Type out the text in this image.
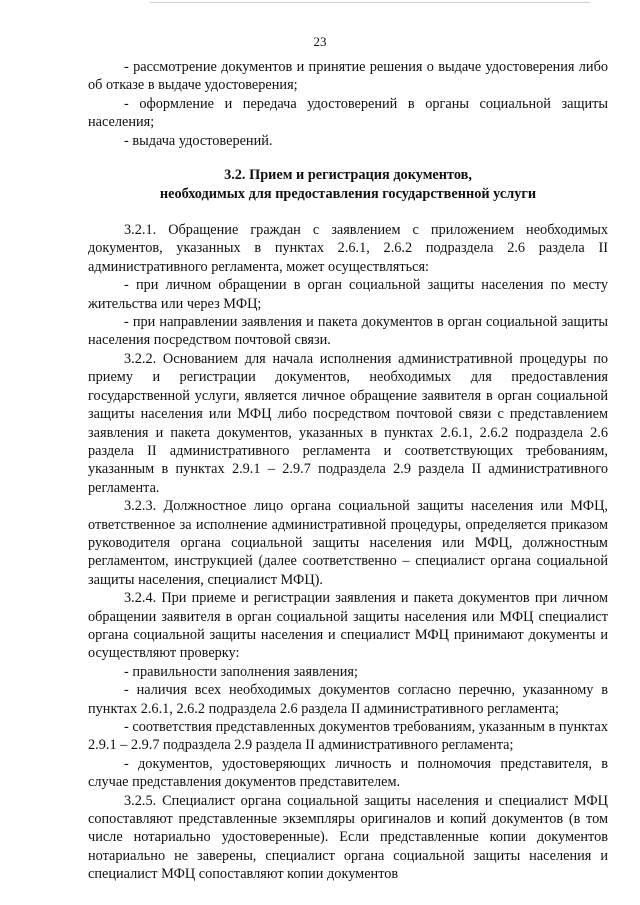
23

- рассмотрение документов и принятие решения о выдаче удостоверения либо об отказе в выдаче удостоверения;

- оформление и передача удостоверений в органы социальной защиты населения;

- выдача удостоверений.

3.2. Прием и регистрация документов,
необходимых для предоставления государственной услуги

3.2.1. Обращение граждан с заявлением с приложением необходимых документов, указанных в пунктах 2.6.1, 2.6.2 подраздела 2.6 раздела II административного регламента, может осуществляться:

- при личном обращении в орган социальной защиты населения по месту жительства или через МФЦ;

- при направлении заявления и пакета документов в орган социальной защиты населения посредством почтовой связи.

3.2.2. Основанием для начала исполнения административной процедуры по приему и регистрации документов, необходимых для предоставления государственной услуги, является личное обращение заявителя в орган социальной защиты населения или МФЦ либо посредством почтовой связи с представлением заявления и пакета документов, указанных в пунктах 2.6.1, 2.6.2 подраздела 2.6 раздела II административного регламента и соответствующих требованиям, указанным в пунктах 2.9.1 – 2.9.7 подраздела 2.9 раздела II административного регламента.

3.2.3. Должностное лицо органа социальной защиты населения или МФЦ, ответственное за исполнение административной процедуры, определяется приказом руководителя органа социальной защиты населения или МФЦ, должностным регламентом, инструкцией (далее соответственно – специалист органа социальной защиты населения, специалист МФЦ).

3.2.4. При приеме и регистрации заявления и пакета документов при личном обращении заявителя в орган социальной защиты населения или МФЦ специалист органа социальной защиты населения и специалист МФЦ принимают документы и осуществляют проверку:

- правильности заполнения заявления;

- наличия всех необходимых документов согласно перечню, указанному в пунктах 2.6.1, 2.6.2 подраздела 2.6 раздела II административного регламента;

- соответствия представленных документов требованиям, указанным в пунктах 2.9.1 – 2.9.7 подраздела 2.9 раздела II административного регламента;

- документов, удостоверяющих личность и полномочия представителя, в случае представления документов представителем.

3.2.5. Специалист органа социальной защиты населения и специалист МФЦ сопоставляют представленные экземпляры оригиналов и копий документов (в том числе нотариально удостоверенные). Если представленные копии документов нотариально не заверены, специалист органа социальной защиты населения и специалист МФЦ сопоставляют копии документов
